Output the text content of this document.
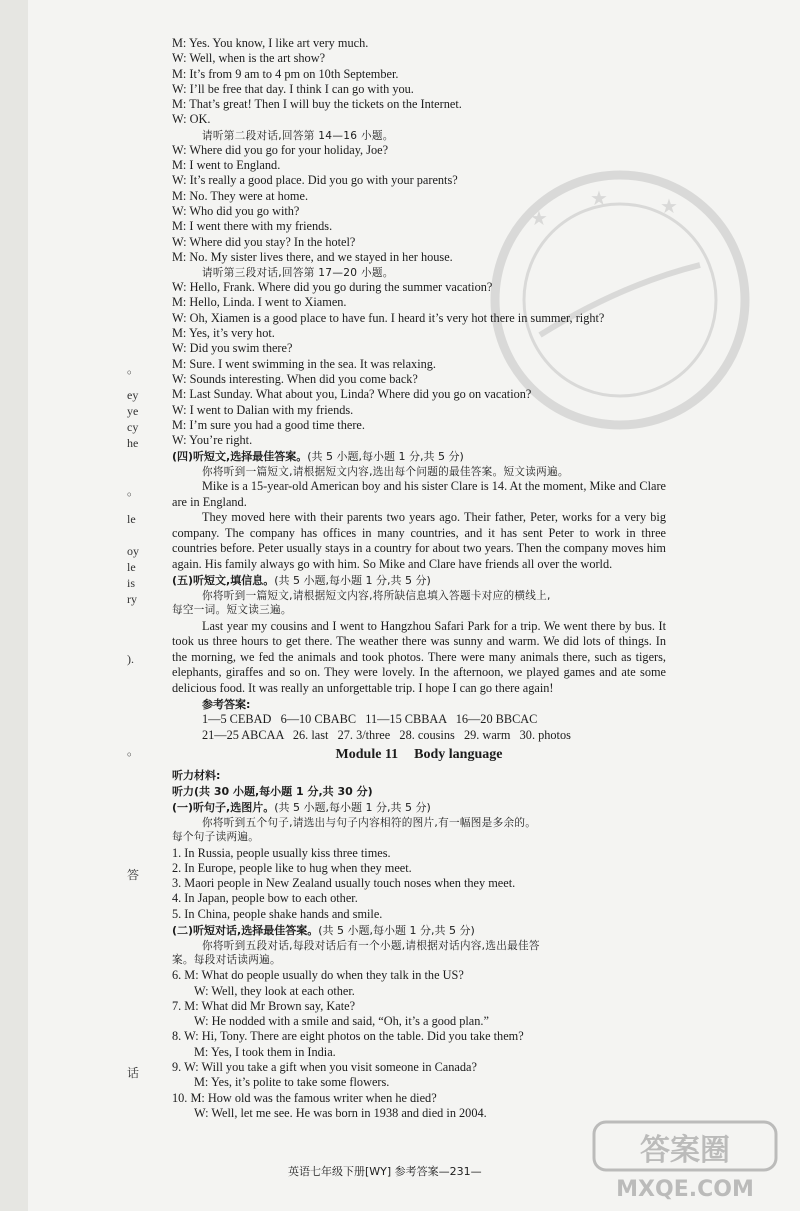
★
★	★
。
ey
ye
cy
he
。
le
oy
le
is
ry
).
。
答
话
M: Yes. You know, I like art very much.
W: Well, when is the art show?
M: It’s from 9 am to 4 pm on 10th September.
W: I’ll be free that day. I think I can go with you.
M: That’s great! Then I will buy the tickets on the Internet.
W: OK.
请听第二段对话,回答第 14—16 小题。
W: Where did you go for your holiday, Joe?
M: I went to England.
W: It’s really a good place. Did you go with your parents?
M: No. They were at home.
W: Who did you go with?
M: I went there with my friends.
W: Where did you stay? In the hotel?
M: No. My sister lives there, and we stayed in her house.
请听第三段对话,回答第 17—20 小题。
W: Hello, Frank. Where did you go during the summer vacation?
M: Hello, Linda. I went to Xiamen.
W: Oh, Xiamen is a good place to have fun. I heard it’s very hot there in summer, right?
M: Yes, it’s very hot.
W: Did you swim there?
M: Sure. I went swimming in the sea. It was relaxing.
W: Sounds interesting. When did you come back?
M: Last Sunday. What about you, Linda? Where did you go on vacation?
W: I went to Dalian with my friends.
M: I’m sure you had a good time there.
W: You’re right.
(四)听短文,选择最佳答案。(共 5 小题,每小题 1 分,共 5 分)
你将听到一篇短文,请根据短文内容,选出每个问题的最佳答案。短文读两遍。
Mike is a 15-year-old American boy and his sister Clare is 14. At the moment, Mike and Clare are in England.
They moved here with their parents two years ago. Their father, Peter, works for a very big company. The company has offices in many countries, and it has sent Peter to work in three countries before. Peter usually stays in a country for about two years. Then the company moves him again. His family always go with him. So Mike and Clare have friends all over the world.
(五)听短文,填信息。(共 5 小题,每小题 1 分,共 5 分)
你将听到一篇短文,请根据短文内容,将所缺信息填入答题卡对应的横线上,
每空一词。短文读三遍。
Last year my cousins and I went to Hangzhou Safari Park for a trip. We went there by bus. It took us three hours to get there. The weather there was sunny and warm. We did lots of things. In the morning, we fed the animals and took photos. There were many animals there, such as tigers, elephants, giraffes and so on. They were lovely. In the afternoon, we played games and ate some delicious food. It was really an unforgettable trip. I hope I can go there again!
参考答案:
1—5 CEBAD   6—10 CBABC   11—15 CBBAA   16—20 BBCAC
21—25 ABCAA   26. last   27. 3/three   28. cousins   29. warm   30. photos
Module 11 Body language
听力材料:
听力(共 30 小题,每小题 1 分,共 30 分)
(一)听句子,选图片。(共 5 小题,每小题 1 分,共 5 分)
你将听到五个句子,请选出与句子内容相符的图片,有一幅图是多余的。
每个句子读两遍。
1. In Russia, people usually kiss three times.
2. In Europe, people like to hug when they meet.
3. Maori people in New Zealand usually touch noses when they meet.
4. In Japan, people bow to each other.
5. In China, people shake hands and smile.
(二)听短对话,选择最佳答案。(共 5 小题,每小题 1 分,共 5 分)
你将听到五段对话,每段对话后有一个小题,请根据对话内容,选出最佳答
案。每段对话读两遍。
6. M: What do people usually do when they talk in the US?
W: Well, they look at each other.
7. M: What did Mr Brown say, Kate?
W: He nodded with a smile and said, “Oh, it’s a good plan.”
8. W: Hi, Tony. There are eight photos on the table. Did you take them?
M: Yes, I took them in India.
9. W: Will you take a gift when you visit someone in Canada?
M: Yes, it’s polite to take some flowers.
10. M: How old was the famous writer when he died?
W: Well, let me see. He was born in 1938 and died in 2004.
英语七年级下册[WY] 参考答案—231—
答案圈
MXQE.COM
